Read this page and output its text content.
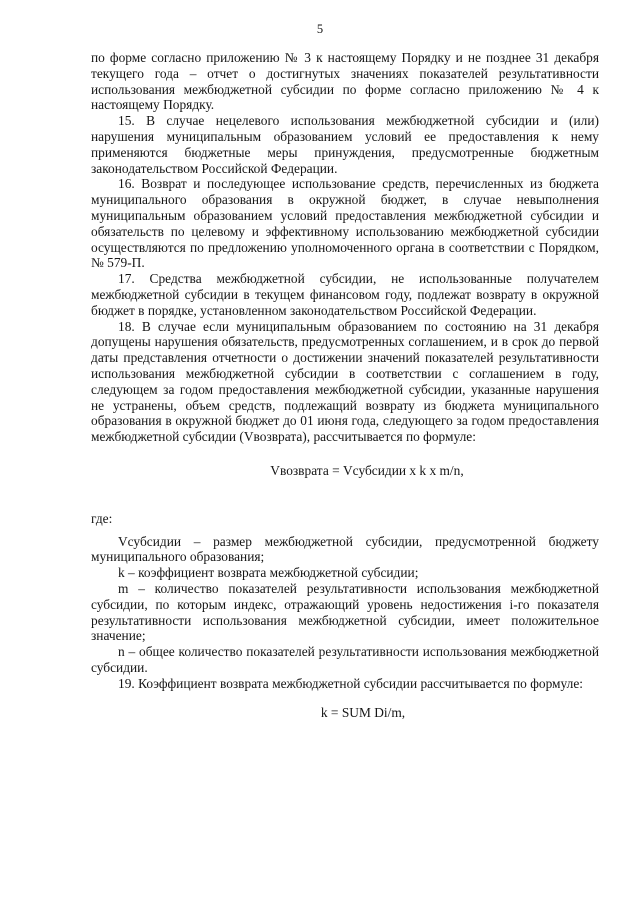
5

по форме согласно приложению № 3 к настоящему Порядку и не позднее 31 декабря текущего года – отчет о достигнутых значениях показателей результативности использования межбюджетной субсидии по форме согласно приложению № 4 к настоящему Порядку.

15. В случае нецелевого использования межбюджетной субсидии и (или) нарушения муниципальным образованием условий ее предоставления к нему применяются бюджетные меры принуждения, предусмотренные бюджетным законодательством Российской Федерации.

16. Возврат и последующее использование средств, перечисленных из бюджета муниципального образования в окружной бюджет, в случае невыполнения муниципальным образованием условий предоставления межбюджетной субсидии и обязательств по целевому и эффективному использованию межбюджетной субсидии осуществляются по предложению уполномоченного органа в соответствии с Порядком, № 579-П.

17. Средства межбюджетной субсидии, не использованные получателем межбюджетной субсидии в текущем финансовом году, подлежат возврату в окружной бюджет в порядке, установленном законодательством Российской Федерации.

18. В случае если муниципальным образованием по состоянию на 31 декабря допущены нарушения обязательств, предусмотренных соглашением, и в срок до первой даты представления отчетности о достижении значений показателей результативности использования межбюджетной субсидии в соответствии с соглашением в году, следующем за годом предоставления межбюджетной субсидии, указанные нарушения не устранены, объем средств, подлежащий возврату из бюджета муниципального образования в окружной бюджет до 01 июня года, следующего за годом предоставления межбюджетной субсидии (Vвозврата), рассчитывается по формуле:

Vвозврата = Vсубсидии x k x m/n,

где:

Vсубсидии – размер межбюджетной субсидии, предусмотренной бюджету муниципального образования;

k – коэффициент возврата межбюджетной субсидии;

m – количество показателей результативности использования межбюджетной субсидии, по которым индекс, отражающий уровень недостижения i-го показателя результативности использования межбюджетной субсидии, имеет положительное значение;

n – общее количество показателей результативности использования межбюджетной субсидии.

19. Коэффициент возврата межбюджетной субсидии рассчитывается по формуле:

k = SUM Di/m,
